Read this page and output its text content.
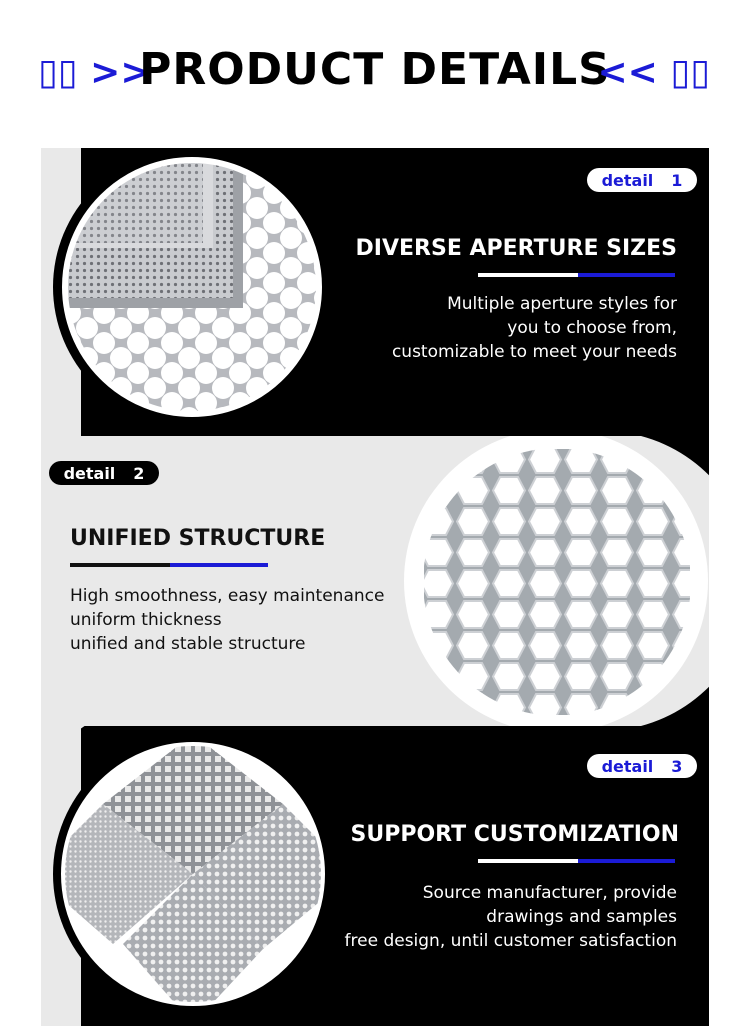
▯▯ >>
PRODUCT DETAILS
<< ▯▯
detail 1
DIVERSE APERTURE SIZES
Multiple aperture styles for
you to choose from,
customizable to meet your needs
detail 2
UNIFIED STRUCTURE
High smoothness, easy maintenance
uniform thickness
unified and stable structure
detail 3
SUPPORT CUSTOMIZATION
Source manufacturer, provide
drawings and samples
free design, until customer satisfaction
